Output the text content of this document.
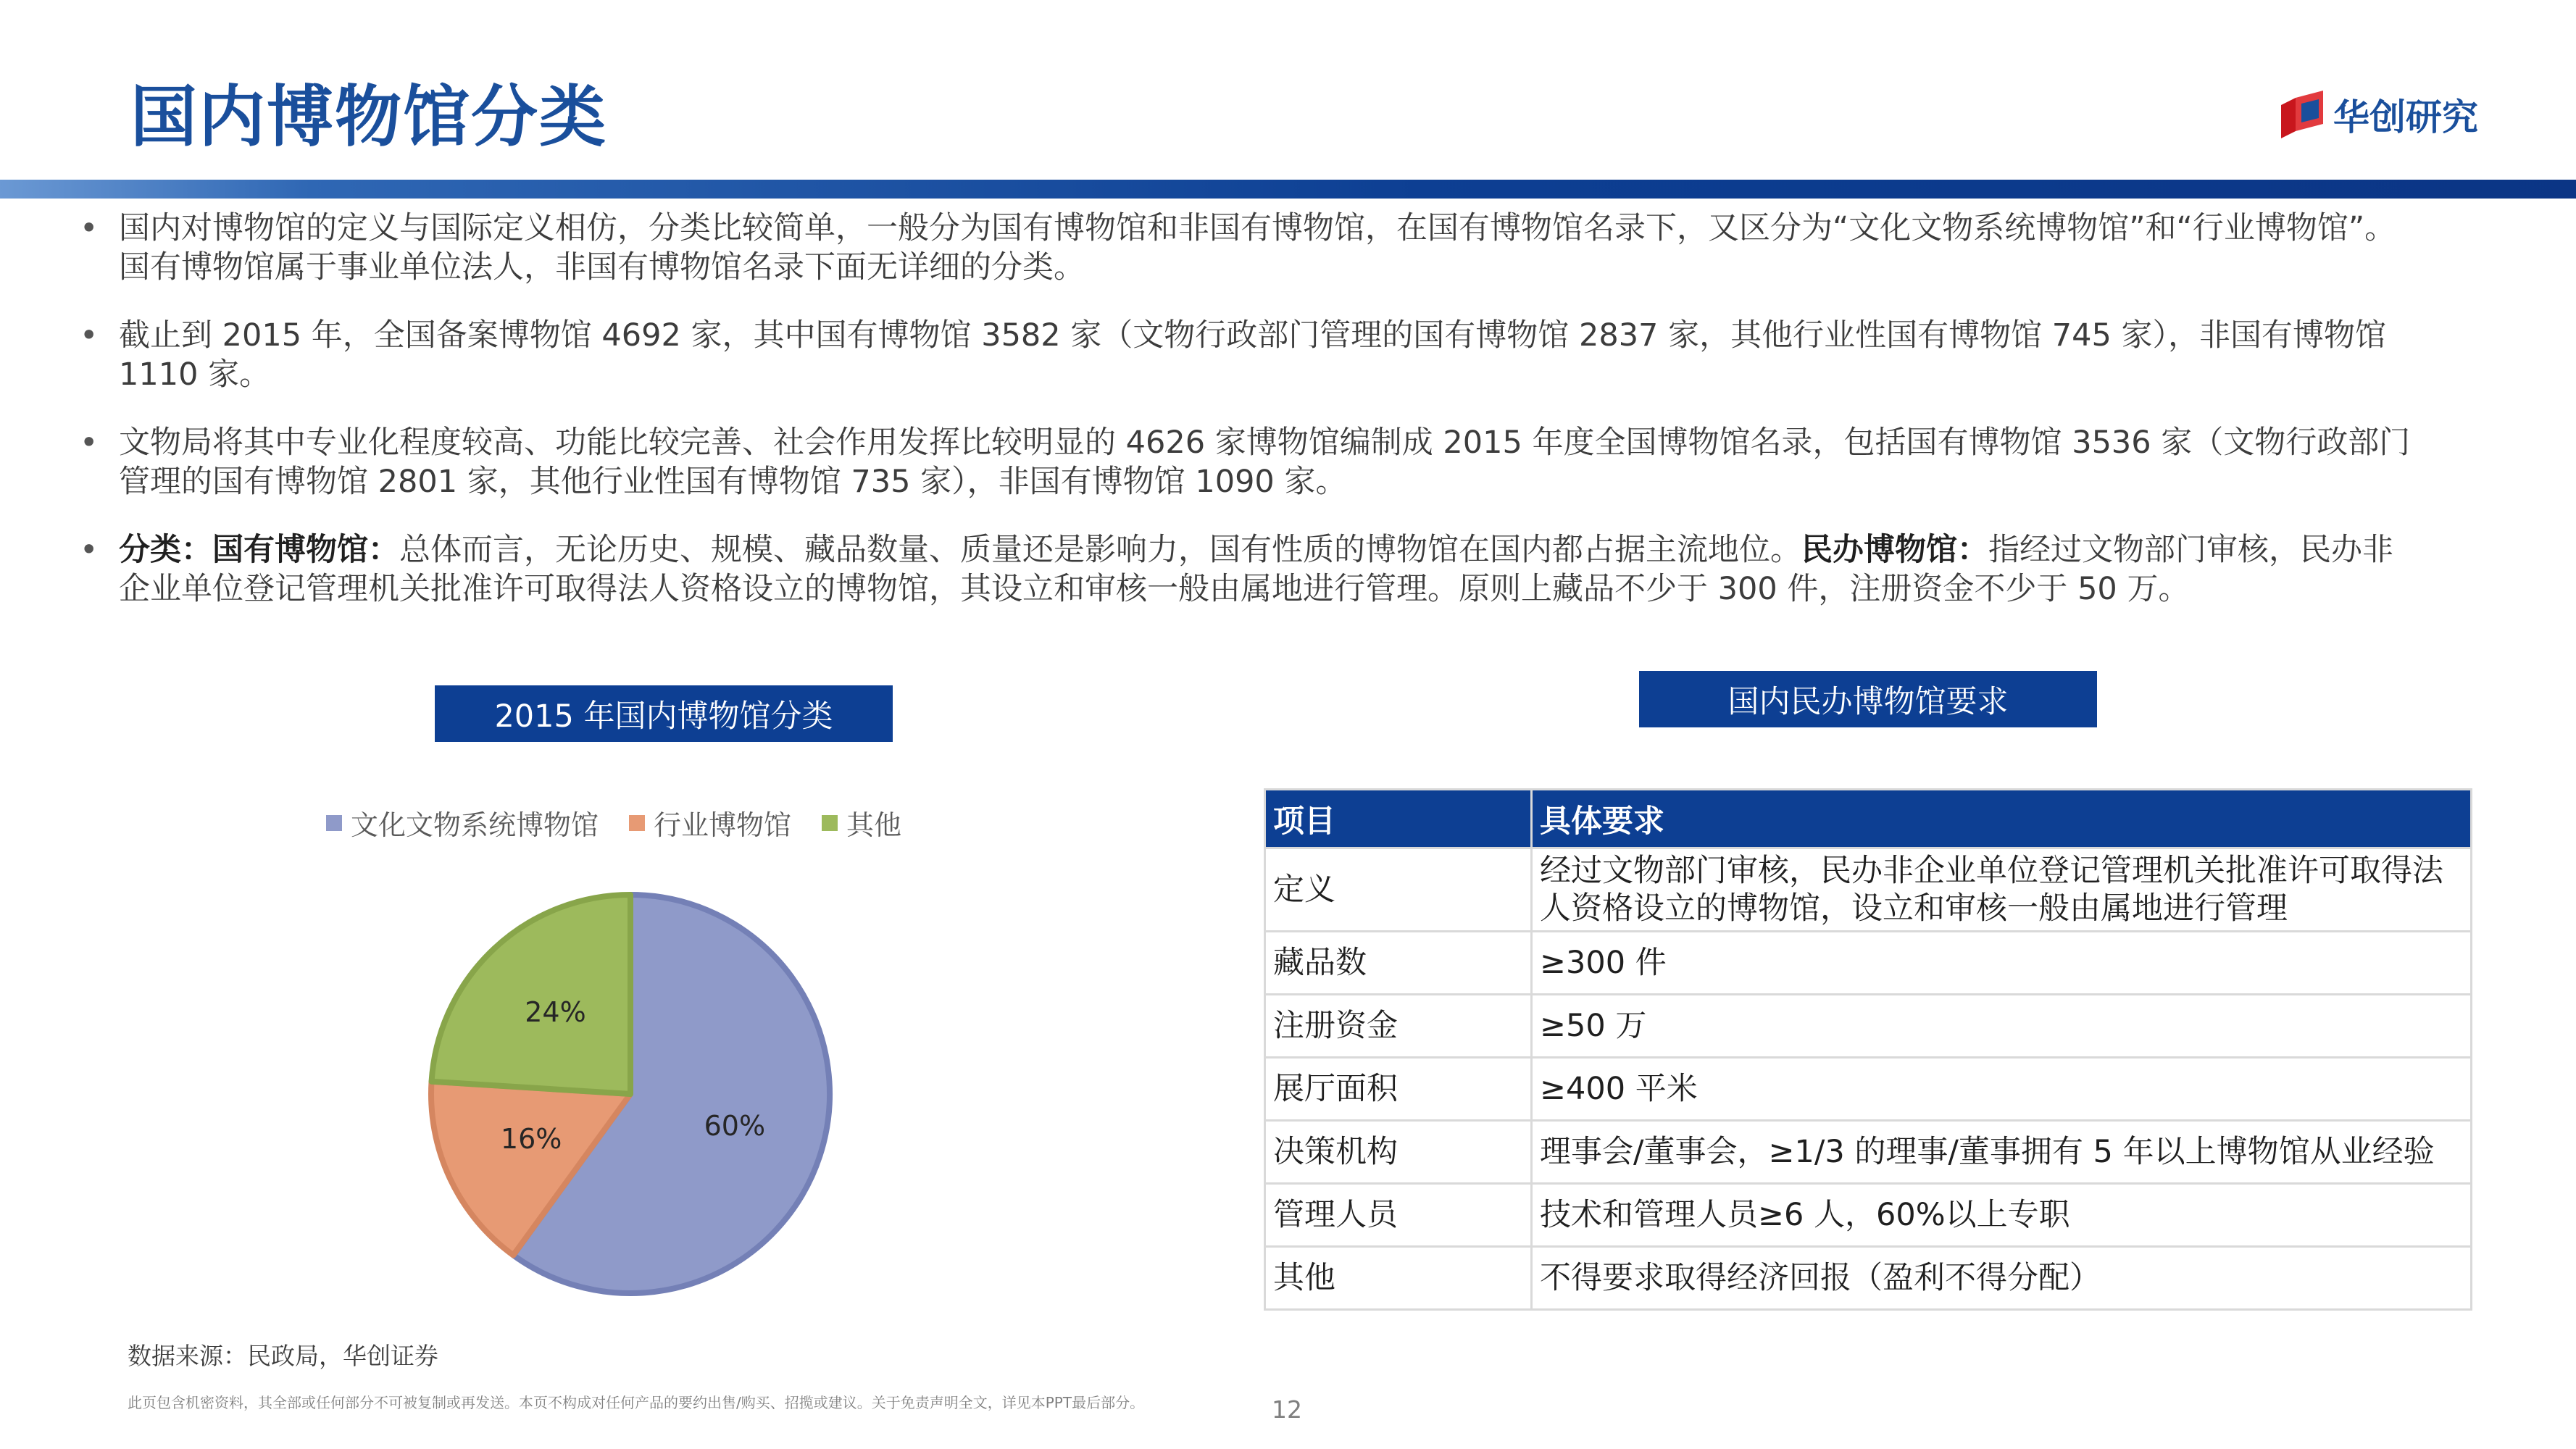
国内博物馆分类	华创研究
• 国内对博物馆的定义与国际定义相仿，分类比较简单，一般分为国有博物馆和非国有博物馆，在国有博物馆名录下，又区分为“文化文物系统博物馆”和“行业博物馆”。国有博物馆属于事业单位法人，非国有博物馆名录下面无详细的分类。
• 截止到 2015 年，全国备案博物馆 4692 家，其中国有博物馆 3582 家（文物行政部门管理的国有博物馆 2837 家，其他行业性国有博物馆 745 家），非国有博物馆 1110 家。
• 文物局将其中专业化程度较高、功能比较完善、社会作用发挥比较明显的 4626 家博物馆编制成 2015 年度全国博物馆名录，包括国有博物馆 3536 家（文物行政部门管理的国有博物馆 2801 家，其他行业性国有博物馆 735 家），非国有博物馆 1090 家。
• 分类：国有博物馆：总体而言，无论历史、规模、藏品数量、质量还是影响力，国有性质的博物馆在国内都占据主流地位。民办博物馆：指经过文物部门审核，民办非企业单位登记管理机关批准许可取得法人资格设立的博物馆，其设立和审核一般由属地进行管理。原则上藏品不少于 300 件，注册资金不少于 50 万。
2015 年国内博物馆分类
文化文物系统博物馆 行业博物馆 其他
60%
16%
24%
国内民办博物馆要求
项目	具体要求
定义	经过文物部门审核，民办非企业单位登记管理机关批准许可取得法人资格设立的博物馆，设立和审核一般由属地进行管理
藏品数	≥300 件
注册资金	≥50 万
展厅面积	≥400 平米
决策机构	理事会/董事会，≥1/3 的理事/董事拥有 5 年以上博物馆从业经验
管理人员	技术和管理人员≥6 人，60%以上专职
其他	不得要求取得经济回报（盈利不得分配）
数据来源：民政局，华创证券
此页包含机密资料，其全部或任何部分不可被复制或再发送。本页不构成对任何产品的要约出售/购买、招揽或建议。关于免责声明全文，详见本PPT最后部分。	12
